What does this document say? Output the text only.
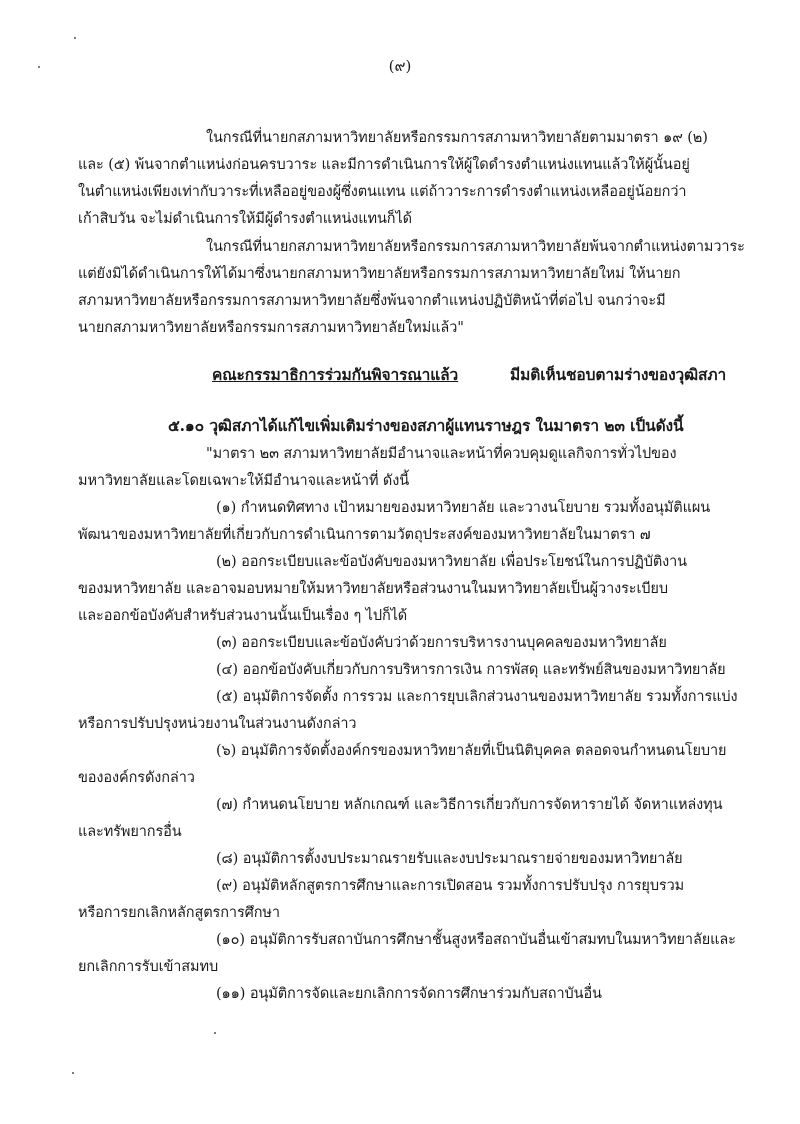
(๙)
ในกรณีที่นายกสภามหาวิทยาลัยหรือกรรมการสภามหาวิทยาลัยตามมาตรา ๑๙ (๒)
และ (๕) พ้นจากตำแหน่งก่อนครบวาระ และมีการดำเนินการให้ผู้ใดดำรงตำแหน่งแทนแล้วให้ผู้นั้นอยู่
ในตำแหน่งเพียงเท่ากับวาระที่เหลืออยู่ของผู้ซึ่งตนแทน แต่ถ้าวาระการดำรงตำแหน่งเหลืออยู่น้อยกว่า
เก้าสิบวัน จะไม่ดำเนินการให้มีผู้ดำรงตำแหน่งแทนก็ได้
ในกรณีที่นายกสภามหาวิทยาลัยหรือกรรมการสภามหาวิทยาลัยพ้นจากตำแหน่งตามวาระ
แต่ยังมิได้ดำเนินการให้ได้มาซึ่งนายกสภามหาวิทยาลัยหรือกรรมการสภามหาวิทยาลัยใหม่ ให้นายก
สภามหาวิทยาลัยหรือกรรมการสภามหาวิทยาลัยซึ่งพ้นจากตำแหน่งปฏิบัติหน้าที่ต่อไป จนกว่าจะมี
นายกสภามหาวิทยาลัยหรือกรรมการสภามหาวิทยาลัยใหม่แล้ว"
คณะกรรมาธิการร่วมกันพิจารณาแล้ว	มีมติเห็นชอบตามร่างของวุฒิสภา
๕.๑๐ วุฒิสภาได้แก้ไขเพิ่มเติมร่างของสภาผู้แทนราษฎร ในมาตรา ๒๓ เป็นดังนี้
"มาตรา ๒๓ สภามหาวิทยาลัยมีอำนาจและหน้าที่ควบคุมดูแลกิจการทั่วไปของ
มหาวิทยาลัยและโดยเฉพาะให้มีอำนาจและหน้าที่ ดังนี้
(๑) กำหนดทิศทาง เป้าหมายของมหาวิทยาลัย และวางนโยบาย รวมทั้งอนุมัติแผน
พัฒนาของมหาวิทยาลัยที่เกี่ยวกับการดำเนินการตามวัตถุประสงค์ของมหาวิทยาลัยในมาตรา ๗
(๒) ออกระเบียบและข้อบังคับของมหาวิทยาลัย เพื่อประโยชน์ในการปฏิบัติงาน
ของมหาวิทยาลัย และอาจมอบหมายให้มหาวิทยาลัยหรือส่วนงานในมหาวิทยาลัยเป็นผู้วางระเบียบ
และออกข้อบังคับสำหรับส่วนงานนั้นเป็นเรื่อง ๆ ไปก็ได้
(๓) ออกระเบียบและข้อบังคับว่าด้วยการบริหารงานบุคคลของมหาวิทยาลัย
(๔) ออกข้อบังคับเกี่ยวกับการบริหารการเงิน การพัสดุ และทรัพย์สินของมหาวิทยาลัย
(๕) อนุมัติการจัดตั้ง การรวม และการยุบเลิกส่วนงานของมหาวิทยาลัย รวมทั้งการแบ่ง
หรือการปรับปรุงหน่วยงานในส่วนงานดังกล่าว
(๖) อนุมัติการจัดตั้งองค์กรของมหาวิทยาลัยที่เป็นนิติบุคคล ตลอดจนกำหนดนโยบาย
ขององค์กรดังกล่าว
(๗) กำหนดนโยบาย หลักเกณฑ์ และวิธีการเกี่ยวกับการจัดหารายได้ จัดหาแหล่งทุน
และทรัพยากรอื่น
(๘) อนุมัติการตั้งงบประมาณรายรับและงบประมาณรายจ่ายของมหาวิทยาลัย
(๙) อนุมัติหลักสูตรการศึกษาและการเปิดสอน รวมทั้งการปรับปรุง การยุบรวม
หรือการยกเลิกหลักสูตรการศึกษา
(๑๐) อนุมัติการรับสถาบันการศึกษาชั้นสูงหรือสถาบันอื่นเข้าสมทบในมหาวิทยาลัยและ
ยกเลิกการรับเข้าสมทบ
(๑๑) อนุมัติการจัดและยกเลิกการจัดการศึกษาร่วมกับสถาบันอื่น
